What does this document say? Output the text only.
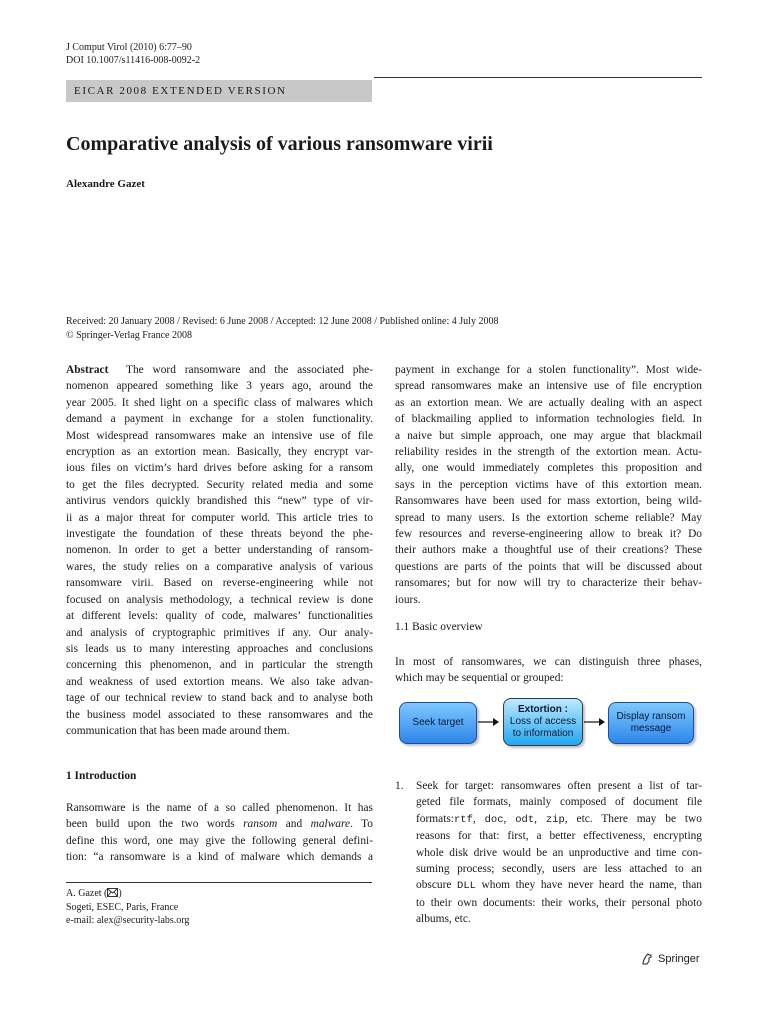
J Comput Virol (2010) 6:77–90
DOI 10.1007/s11416-008-0092-2
EICAR 2008 EXTENDED VERSION
Comparative analysis of various ransomware virii
Alexandre Gazet
Received: 20 January 2008 / Revised: 6 June 2008 / Accepted: 12 June 2008 / Published online: 4 July 2008
© Springer-Verlag France 2008
Abstract The word ransomware and the associated phe-
nomenon appeared something like 3 years ago, around the
year 2005. It shed light on a specific class of malwares which
demand a payment in exchange for a stolen functionality.
Most widespread ransomwares make an intensive use of file
encryption as an extortion mean. Basically, they encrypt var-
ious files on victim’s hard drives before asking for a ransom
to get the files decrypted. Security related media and some
antivirus vendors quickly brandished this “new” type of vir-
ii as a major threat for computer world. This article tries to
investigate the foundation of these threats beyond the phe-
nomenon. In order to get a better understanding of ransom-
wares, the study relies on a comparative analysis of various
ransomware virii. Based on reverse-engineering while not
focused on analysis methodology, a technical review is done
at different levels: quality of code, malwares’ functionalities
and analysis of cryptographic primitives if any. Our analy-
sis leads us to many interesting approaches and conclusions
concerning this phenomenon, and in particular the strength
and weakness of used extortion means. We also take advan-
tage of our technical review to stand back and to analyse both
the business model associated to these ransomwares and the
communication that has been made around them.
1 Introduction
Ransomware is the name of a so called phenomenon. It has
been build upon the two words ransom and malware. To
define this word, one may give the following general defini-
tion: “a ransomware is a kind of malware which demands a
A. Gazet ( )
Sogeti, ESEC, Paris, France
e-mail: alex@security-labs.org
payment in exchange for a stolen functionality”. Most wide-
spread ransomwares make an intensive use of file encryption
as an extortion mean. We are actually dealing with an aspect
of blackmailing applied to information technologies field. In
a naive but simple approach, one may argue that blackmail
reliability resides in the strength of the extortion mean. Actu-
ally, one would immediately completes this proposition and
says in the perception victims have of this extortion mean.
Ransomwares have been used for mass extortion, being wild-
spread to many users. Is the extortion scheme reliable? May
few resources and reverse-engineering allow to break it? Do
their authors make a thoughtful use of their creations? These
questions are parts of the points that will be discussed about
ransomares; but for now will try to characterize their behav-
iours.
1.1 Basic overview
In most of ransomwares, we can distinguish three phases,
which may be sequential or grouped:
Seek target
Extortion :
Loss of access
to information
Display ransom
message
1. Seek for target: ransomwares often present a list of tar-
geted file formats, mainly composed of document file
formats:rtf, doc, odt, zip, etc. There may be two
reasons for that: first, a better effectiveness, encrypting
whole disk drive would be an unproductive and time con-
suming process; secondly, users are less attached to an
obscure DLL whom they have never heard the name, than
to their own documents: their works, their personal photo
albums, etc.
Springer
